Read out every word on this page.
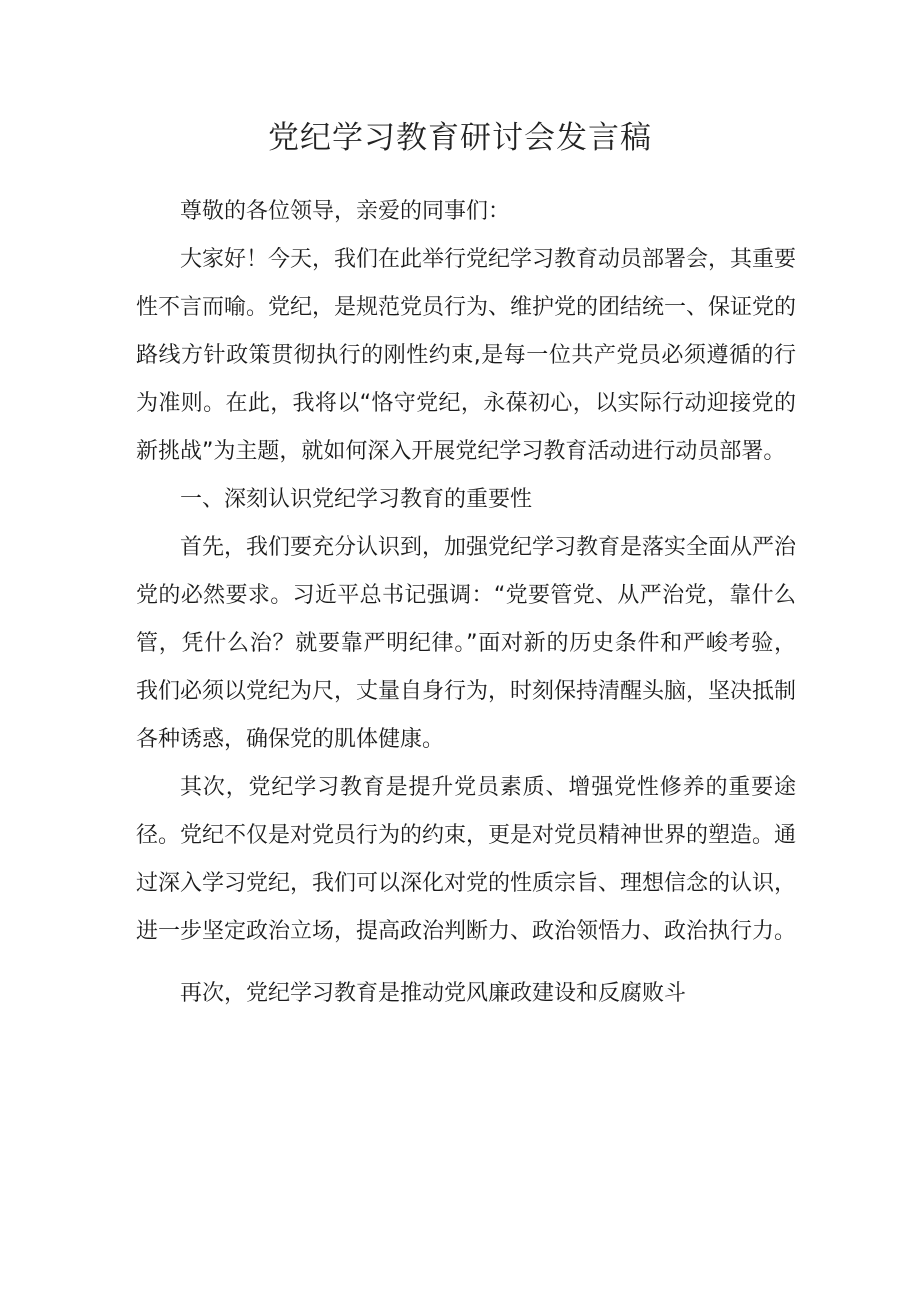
党纪学习教育研讨会发言稿

尊敬的各位领导，亲爱的同事们：

大家好！今天，我们在此举行党纪学习教育动员部署会，其重要性不言而喻。党纪，是规范党员行为、维护党的团结统一、保证党的路线方针政策贯彻执行的刚性约束,是每一位共产党员必须遵循的行为准则。在此，我将以“恪守党纪，永葆初心，以实际行动迎接党的新挑战”为主题，就如何深入开展党纪学习教育活动进行动员部署。

一、深刻认识党纪学习教育的重要性

首先，我们要充分认识到，加强党纪学习教育是落实全面从严治党的必然要求。习近平总书记强调：“党要管党、从严治党，靠什么管，凭什么治？就要靠严明纪律。”面对新的历史条件和严峻考验，我们必须以党纪为尺，丈量自身行为，时刻保持清醒头脑，坚决抵制各种诱惑，确保党的肌体健康。

其次，党纪学习教育是提升党员素质、增强党性修养的重要途径。党纪不仅是对党员行为的约束，更是对党员精神世界的塑造。通过深入学习党纪，我们可以深化对党的性质宗旨、理想信念的认识，进一步坚定政治立场，提高政治判断力、政治领悟力、政治执行力。

再次，党纪学习教育是推动党风廉政建设和反腐败斗
